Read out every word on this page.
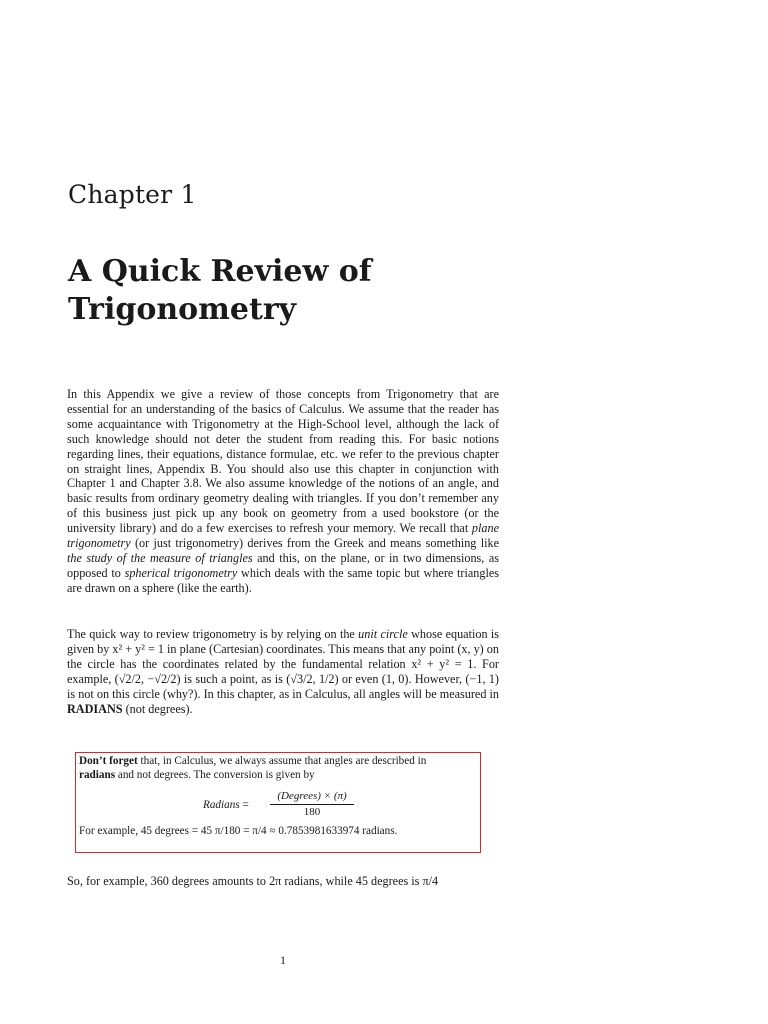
Chapter 1
A Quick Review of
Trigonometry

In this Appendix we give a review of those concepts from Trigonometry that are essential for an understanding of the basics of Calculus. We assume that the reader has some acquaintance with Trigonometry at the High-School level, although the lack of such knowledge should not deter the student from reading this. For basic notions regarding lines, their equations, distance formulae, etc. we refer to the previous chapter on straight lines, Appendix B. You should also use this chapter in conjunction with Chapter 1 and Chapter 3.8. We also assume knowledge of the notions of an angle, and basic results from ordinary geometry dealing with triangles. If you don’t remember any of this business just pick up any book on geometry from a used bookstore (or the university library) and do a few exercises to refresh your memory. We recall that plane trigonometry (or just trigonometry) derives from the Greek and means something like the study of the measure of triangles and this, on the plane, or in two dimensions, as opposed to spherical trigonometry which deals with the same topic but where triangles are drawn on a sphere (like the earth).

The quick way to review trigonometry is by relying on the unit circle whose equation is given by x² + y² = 1 in plane (Cartesian) coordinates. This means that any point (x, y) on the circle has the coordinates related by the fundamental relation x² + y² = 1. For example, (√2/2, −√2/2) is such a point, as is (√3/2, 1/2) or even (1, 0). However, (−1, 1) is not on this circle (why?). In this chapter, as in Calculus, all angles will be measured in RADIANS (not degrees).

Don’t forget that, in Calculus, we always assume that angles are described in
radians and not degrees. The conversion is given by
Radians =
(Degrees) × (π)
180
For example, 45 degrees = 45 π/180 = π/4 ≈ 0.7853981633974 radians.

So, for example, 360 degrees amounts to 2π radians, while 45 degrees is π/4

1
